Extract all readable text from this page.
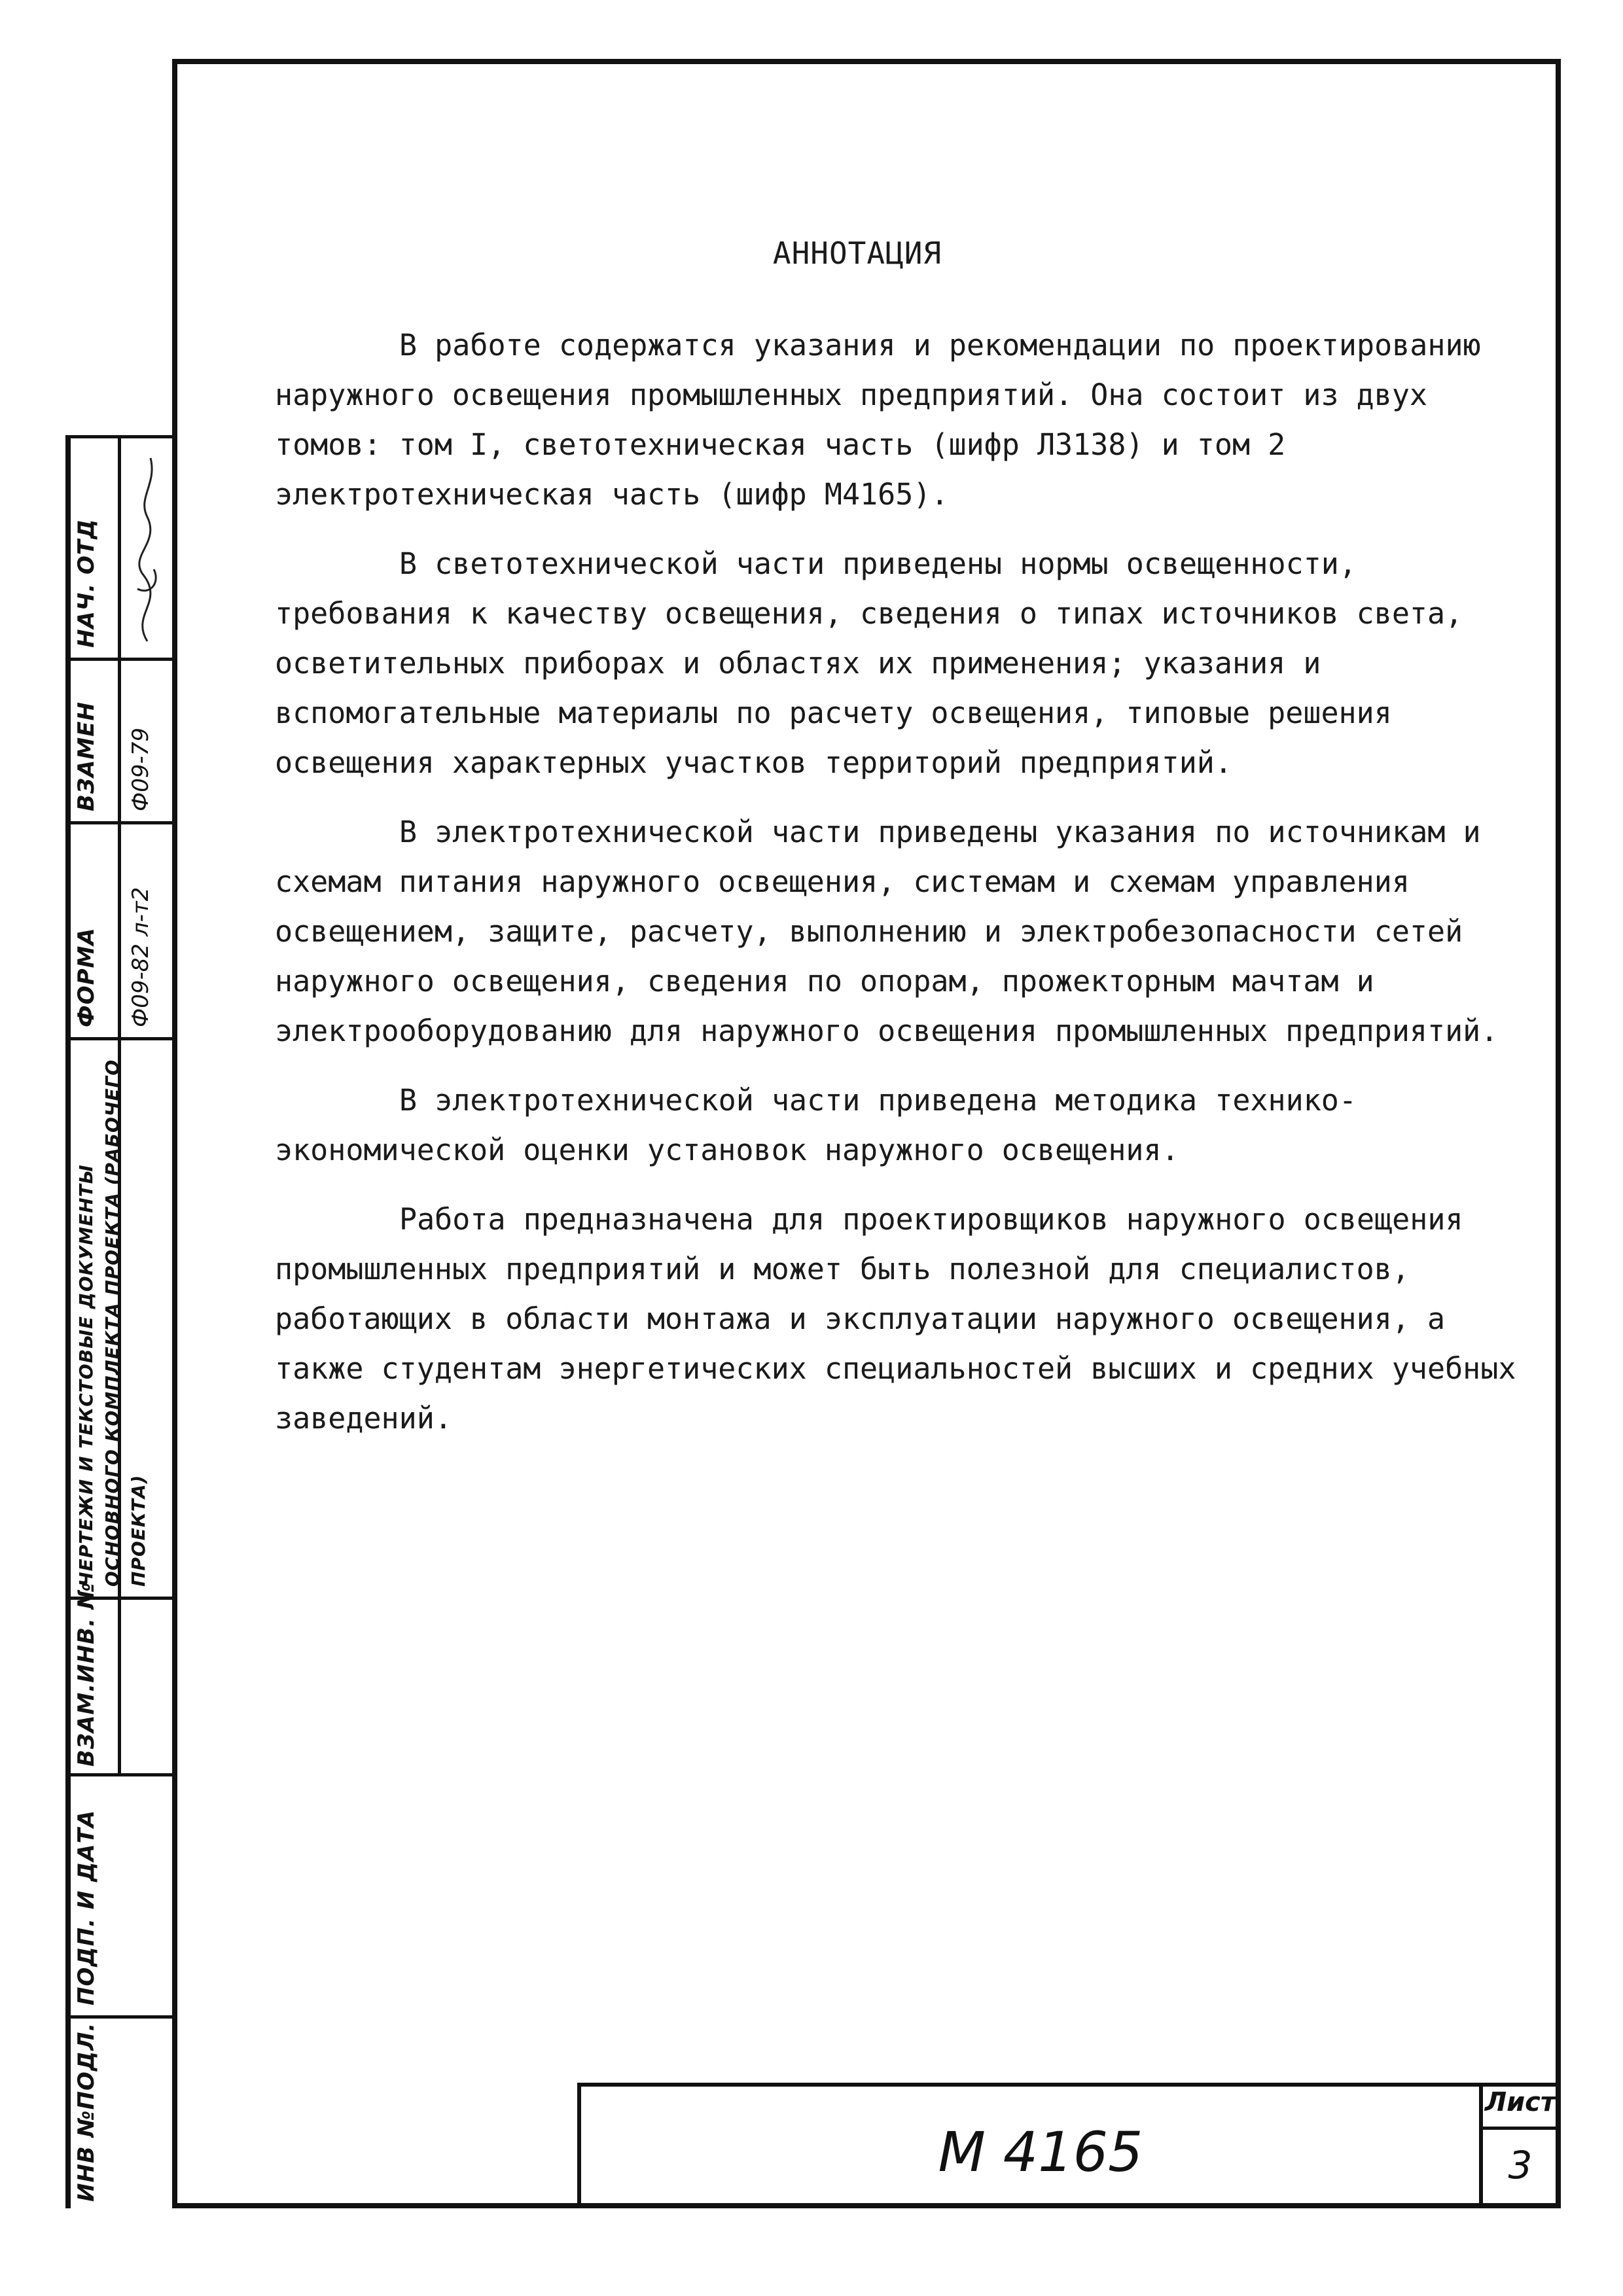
АННОТАЦИЯ

В работе содержатся указания и рекомендации по проектированию наружного освещения промышленных предприятий. Она состоит из двух томов: том I, светотехническая часть (шифр Л3138) и том 2 электротехническая часть (шифр М4165).

В светотехнической части приведены нормы освещенности, требования к качеству освещения, сведения о типах источников света, осветительных приборах и областях их применения; указания и вспомогательные материалы по расчету освещения, типовые решения освещения характерных участков территорий предприятий.

В электротехнической части приведены указания по источникам и схемам питания наружного освещения, системам и схемам управления освещением, защите, расчету, выполнению и электробезопасности сетей наружного освещения, сведения по опорам, прожекторным мачтам и электрооборудованию для наружного освещения промышленных предприятий.

В электротехнической части приведена методика технико-экономической оценки установок наружного освещения.

Работа предназначена для проектировщиков наружного освещения промышленных предприятий и может быть полезной для специалистов, работающих в области монтажа и эксплуатации наружного освещения, а также студентам энергетических специальностей высших и средних учебных заведений.

НАЧ. ОТД
ВЗАМЕН Ф09-79
ФОРМА Ф09-82 л-т2
ЧЕРТЕЖИ И ТЕКСТОВЫЕ ДОКУМЕНТЫ ОСНОВНОГО КОМПЛЕКТА ПРОЕКТА (РАБОЧЕГО ПРОЕКТА)
ВЗАМ.ИНВ. №
ПОДП. И ДАТА
ИНВ №ПОДЛ.	М 4165
Лист
3
